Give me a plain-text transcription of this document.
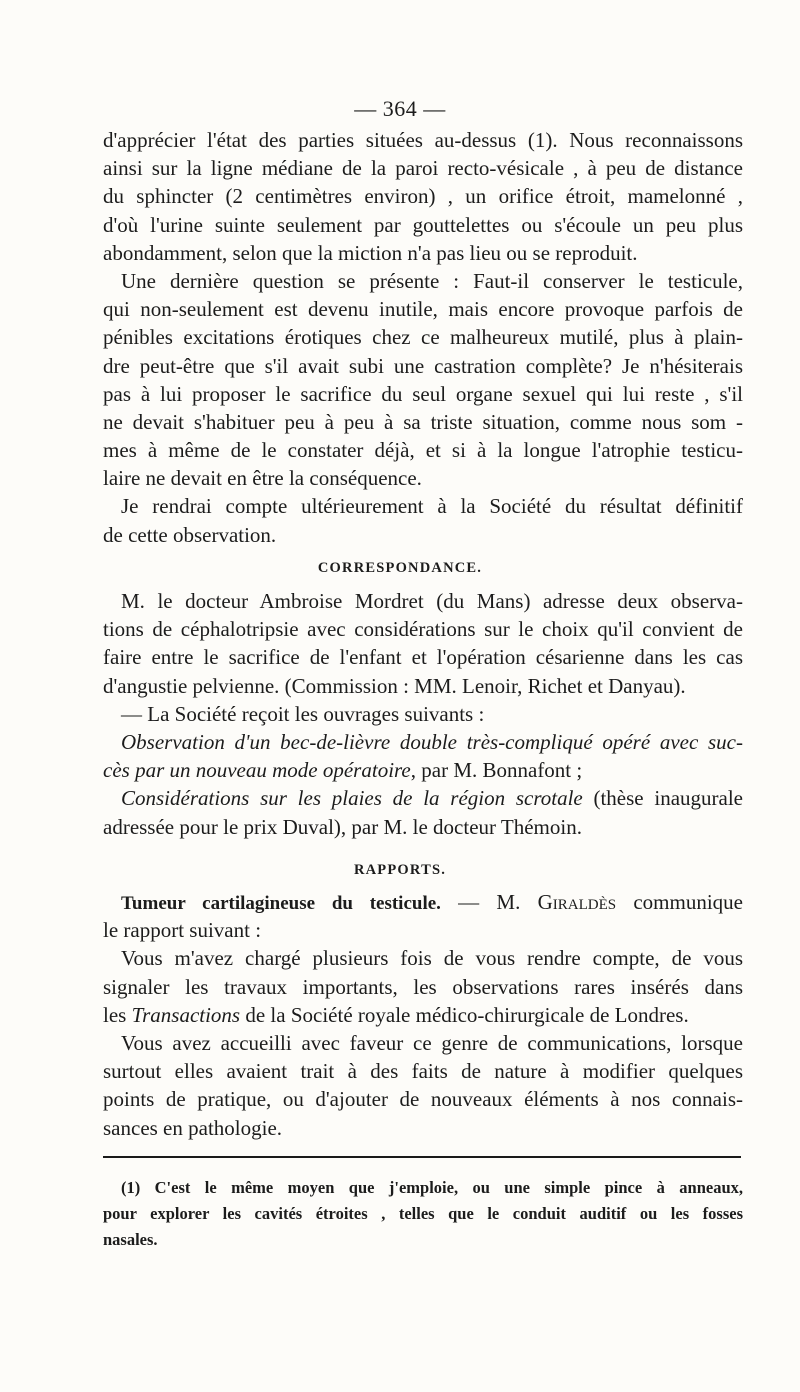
— 364 —
d'apprécier l'état des parties situées au-dessus (1). Nous reconnaissons
ainsi sur la ligne médiane de la paroi recto-vésicale , à peu de distance
du sphincter (2 centimètres environ) , un orifice étroit, mamelonné ,
d'où l'urine suinte seulement par gouttelettes ou s'écoule un peu plus
abondamment, selon que la miction n'a pas lieu ou se reproduit.
Une dernière question se présente : Faut-il conserver le testicule,
qui non-seulement est devenu inutile, mais encore provoque parfois de
pénibles excitations érotiques chez ce malheureux mutilé, plus à plain-
dre peut-être que s'il avait subi une castration complète? Je n'hésiterais
pas à lui proposer le sacrifice du seul organe sexuel qui lui reste , s'il
ne devait s'habituer peu à peu à sa triste situation, comme nous som -
mes à même de le constater déjà, et si à la longue l'atrophie testicu-
laire ne devait en être la conséquence.
Je rendrai compte ultérieurement à la Société du résultat définitif
de cette observation.
CORRESPONDANCE.
M. le docteur Ambroise Mordret (du Mans) adresse deux observa-
tions de céphalotripsie avec considérations sur le choix qu'il convient de
faire entre le sacrifice de l'enfant et l'opération césarienne dans les cas
d'angustie pelvienne. (Commission : MM. Lenoir, Richet et Danyau).
— La Société reçoit les ouvrages suivants :
Observation d'un bec-de-lièvre double très-compliqué opéré avec suc-
cès par un nouveau mode opératoire, par M. Bonnafont ;
Considérations sur les plaies de la région scrotale (thèse inaugurale
adressée pour le prix Duval), par M. le docteur Thémoin.
RAPPORTS.
Tumeur cartilagineuse du testicule. — M. Giraldès communique
le rapport suivant :
Vous m'avez chargé plusieurs fois de vous rendre compte, de vous
signaler les travaux importants, les observations rares insérés dans
les Transactions de la Société royale médico-chirurgicale de Londres.
Vous avez accueilli avec faveur ce genre de communications, lorsque
surtout elles avaient trait à des faits de nature à modifier quelques
points de pratique, ou d'ajouter de nouveaux éléments à nos connais-
sances en pathologie.
(1) C'est le même moyen que j'emploie, ou une simple pince à anneaux,
pour explorer les cavités étroites , telles que le conduit auditif ou les fosses
nasales.
